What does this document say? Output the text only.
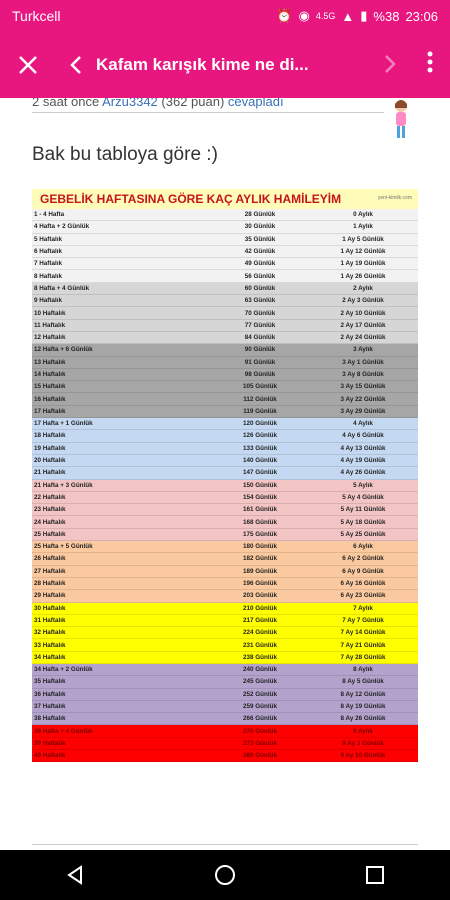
Turkcell	⏰ ◉ 4.5G ▲ ▮ %38 23:06
Kafam karışık kime ne di...
2 saat önce Arzu3342 (362 puan) cevapladı
Bak bu tabloya göre :)
GEBELİK HAFTASINA GÖRE KAÇ AYLIK HAMİLEYİM	yeni-kimlik.com
1 - 4 Hafta	28 Günlük	0 Aylık
4 Hafta + 2 Günlük	30 Günlük	1 Aylık
5 Haftalık	35 Günlük	1 Ay 5 Günlük
6 Haftalık	42 Günlük	1 Ay 12 Günlük
7 Haftalık	49 Günlük	1 Ay 19 Günlük
8 Haftalık	56 Günlük	1 Ay 26 Günlük
8 Hafta + 4 Günlük	60 Günlük	2 Aylık
9 Haftalık	63 Günlük	2 Ay 3 Günlük
10 Haftalık	70 Günlük	2 Ay 10 Günlük
11 Haftalık	77 Günlük	2 Ay 17 Günlük
12 Haftalık	84 Günlük	2 Ay 24 Günlük
12 Hafta + 6 Günlük	90 Günlük	3 Aylık
13 Haftalık	91 Günlük	3 Ay 1 Günlük
14 Haftalık	98 Günlük	3 Ay 8 Günlük
15 Haftalık	105 Günlük	3 Ay 15 Günlük
16 Haftalık	112 Günlük	3 Ay 22 Günlük
17 Haftalık	119 Günlük	3 Ay 29 Günlük
17 Hafta + 1 Günlük	120 Günlük	4 Aylık
18 Haftalık	126 Günlük	4 Ay 6 Günlük
19 Haftalık	133 Günlük	4 Ay 13 Günlük
20 Haftalık	140 Günlük	4 Ay 19 Günlük
21 Haftalık	147 Günlük	4 Ay 26 Günlük
21 Hafta + 3 Günlük	150 Günlük	5 Aylık
22 Haftalık	154 Günlük	5 Ay 4 Günlük
23 Haftalık	161 Günlük	5 Ay 11 Günlük
24 Haftalık	168 Günlük	5 Ay 18 Günlük
25 Haftalık	175 Günlük	5 Ay 25 Günlük
25 Hafta + 5 Günlük	180 Günlük	6 Aylık
26 Haftalık	182 Günlük	6 Ay 2 Günlük
27 Haftalık	189 Günlük	6 Ay 9 Günlük
28 Haftalık	196 Günlük	6 Ay 16 Günlük
29 Haftalık	203 Günlük	6 Ay 23 Günlük
30 Haftalık	210 Günlük	7 Aylık
31 Haftalık	217 Günlük	7 Ay 7 Günlük
32 Haftalık	224 Günlük	7 Ay 14 Günlük
33 Haftalık	231 Günlük	7 Ay 21 Günlük
34 Haftalık	238 Günlük	7 Ay 28 Günlük
34 Hafta + 2 Günlük	240 Günlük	8 Aylık
35 Haftalık	245 Günlük	8 Ay 5 Günlük
36 Haftalık	252 Günlük	8 Ay 12 Günlük
37 Haftalık	259 Günlük	8 Ay 19 Günlük
38 Haftalık	266 Günlük	8 Ay 26 Günlük
38 Hafta + 4 Günlük	270 Günlük	9 Aylık
39 Haftalık	273 Günlük	9 Ay 3 Günlük
40 Haftalık	280 Günlük	9 Ay 10 Günlük
